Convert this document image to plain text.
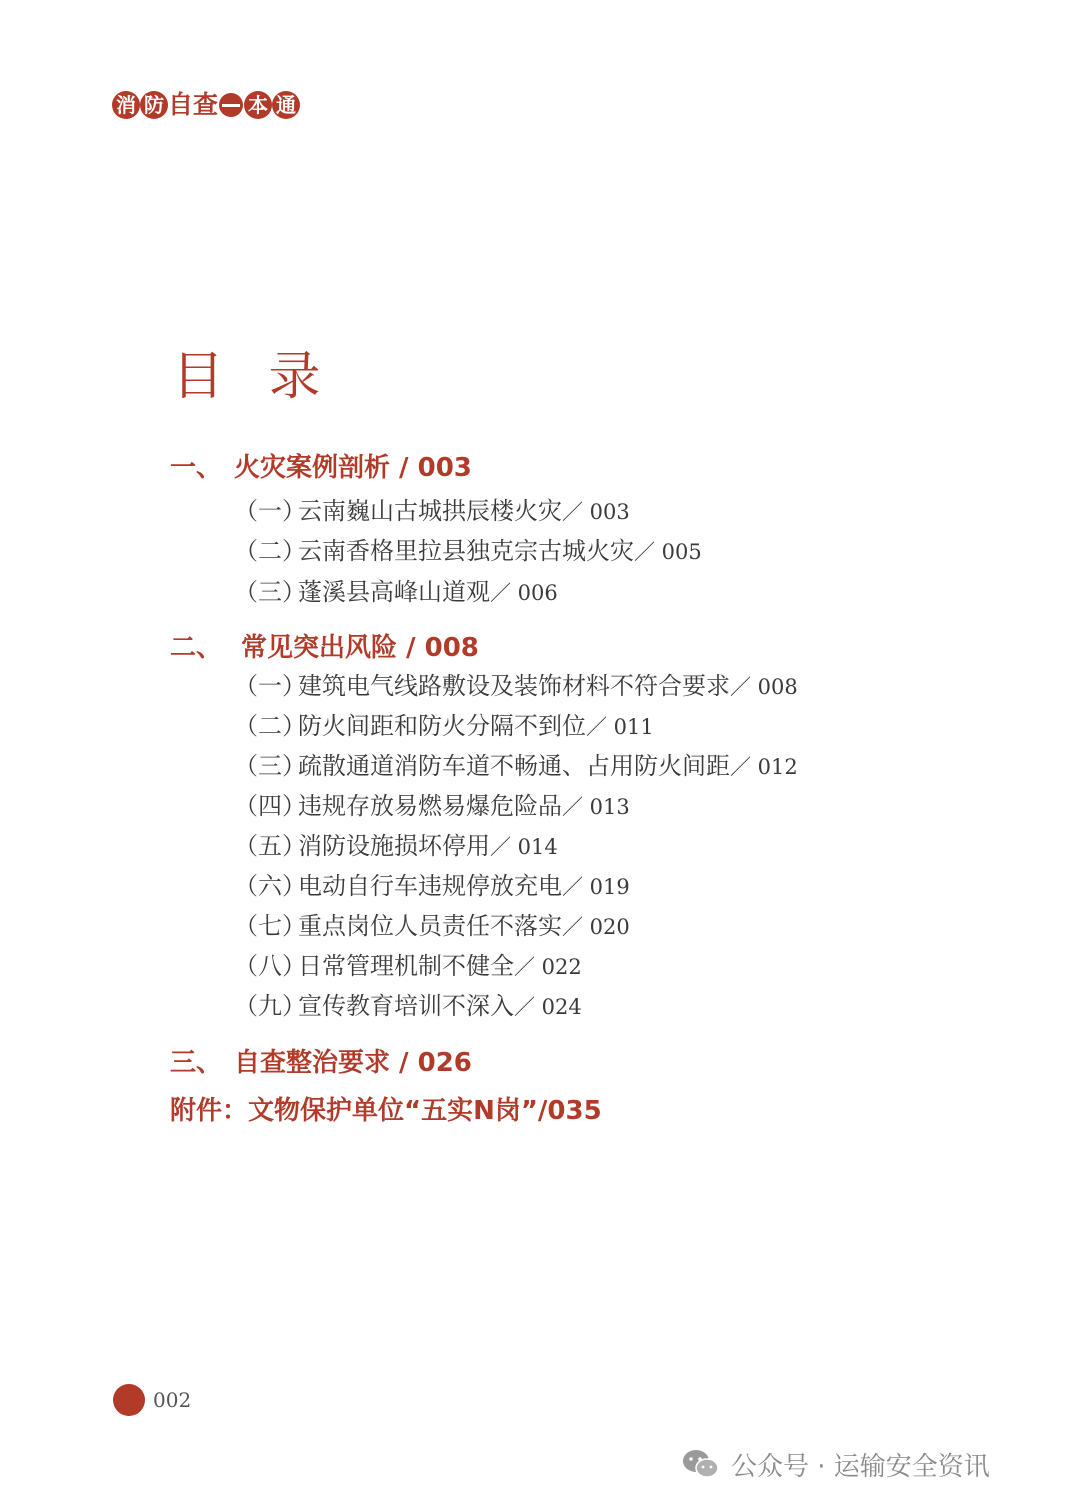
消 防 自 查 本 通
目 录
一、 火灾案例剖析 / 003
（一）云南巍山古城拱辰楼火灾／ 003
（二）云南香格里拉县独克宗古城火灾／ 005
（三）蓬溪县高峰山道观／ 006
二、 常见突出风险 / 008
（一）建筑电气线路敷设及装饰材料不符合要求／ 008
（二）防火间距和防火分隔不到位／ 011
（三）疏散通道消防车道不畅通、占用防火间距／ 012
（四）违规存放易燃易爆危险品／ 013
（五）消防设施损坏停用／ 014
（六）电动自行车违规停放充电／ 019
（七）重点岗位人员责任不落实／ 020
（八）日常管理机制不健全／ 022
（九）宣传教育培训不深入／ 024
三、 自查整治要求 / 026
附件：文物保护单位“五实N岗”/035
002
公众号 · 运输安全资讯
